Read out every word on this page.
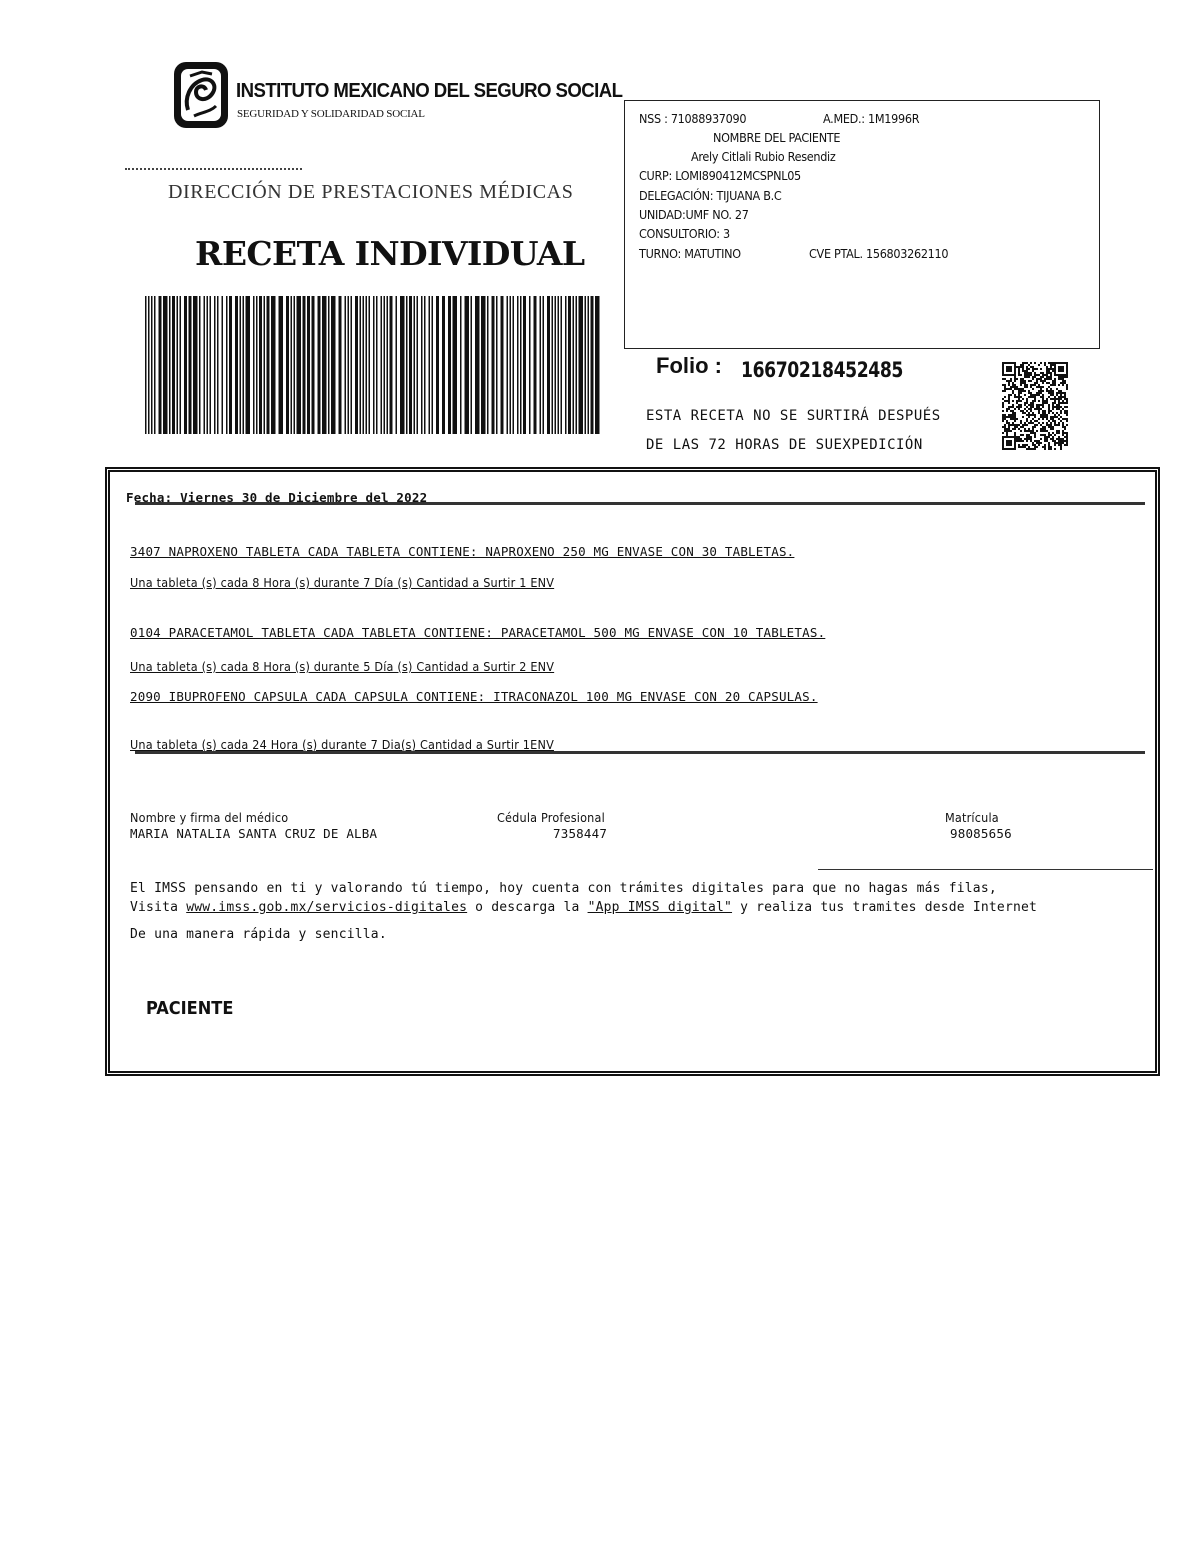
INSTITUTO MEXICANO DEL SEGURO SOCIAL
SEGURIDAD Y SOLIDARIDAD SOCIAL
DIRECCIÓN DE PRESTACIONES MÉDICAS
RECETA INDIVIDUAL
NSS : 71088937090	A.MED.: 1M1996R
NOMBRE DEL PACIENTE
Arely Citlali Rubio Resendiz
CURP: LOMI890412MCSPNL05
DELEGACIÓN: TIJUANA B.C
UNIDAD:UMF NO. 27
CONSULTORIO: 3
TURNO: MATUTINO	CVE PTAL. 156803262110
Folio : 16670218452485
ESTA RECETA NO SE SURTIRÁ DESPUÉS
DE LAS 72 HORAS DE SUEXPEDICIÓN
Fecha: Viernes 30 de Diciembre del 2022
3407 NAPROXENO TABLETA CADA TABLETA CONTIENE: NAPROXENO 250 MG ENVASE CON 30 TABLETAS.
Una tableta (s) cada 8 Hora (s) durante 7 Día (s) Cantidad a Surtir 1 ENV
0104 PARACETAMOL TABLETA CADA TABLETA CONTIENE: PARACETAMOL 500 MG ENVASE CON 10 TABLETAS.
Una tableta (s) cada 8 Hora (s) durante 5 Día (s) Cantidad a Surtir 2 ENV
2090 IBUPROFENO CAPSULA CADA CAPSULA CONTIENE: ITRACONAZOL 100 MG ENVASE CON 20 CAPSULAS.
Una tableta (s) cada 24 Hora (s) durante 7 Dia(s) Cantidad a Surtir 1ENV
Nombre y firma del médico
MARIA NATALIA SANTA CRUZ DE ALBA
Cédula Profesional
7358447
Matrícula
98085656
El IMSS pensando en ti y valorando tú tiempo, hoy cuenta con trámites digitales para que no hagas más filas,
Visita www.imss.gob.mx/servicios-digitales o descarga la "App IMSS digital" y realiza tus tramites desde Internet
De una manera rápida y sencilla.
PACIENTE
